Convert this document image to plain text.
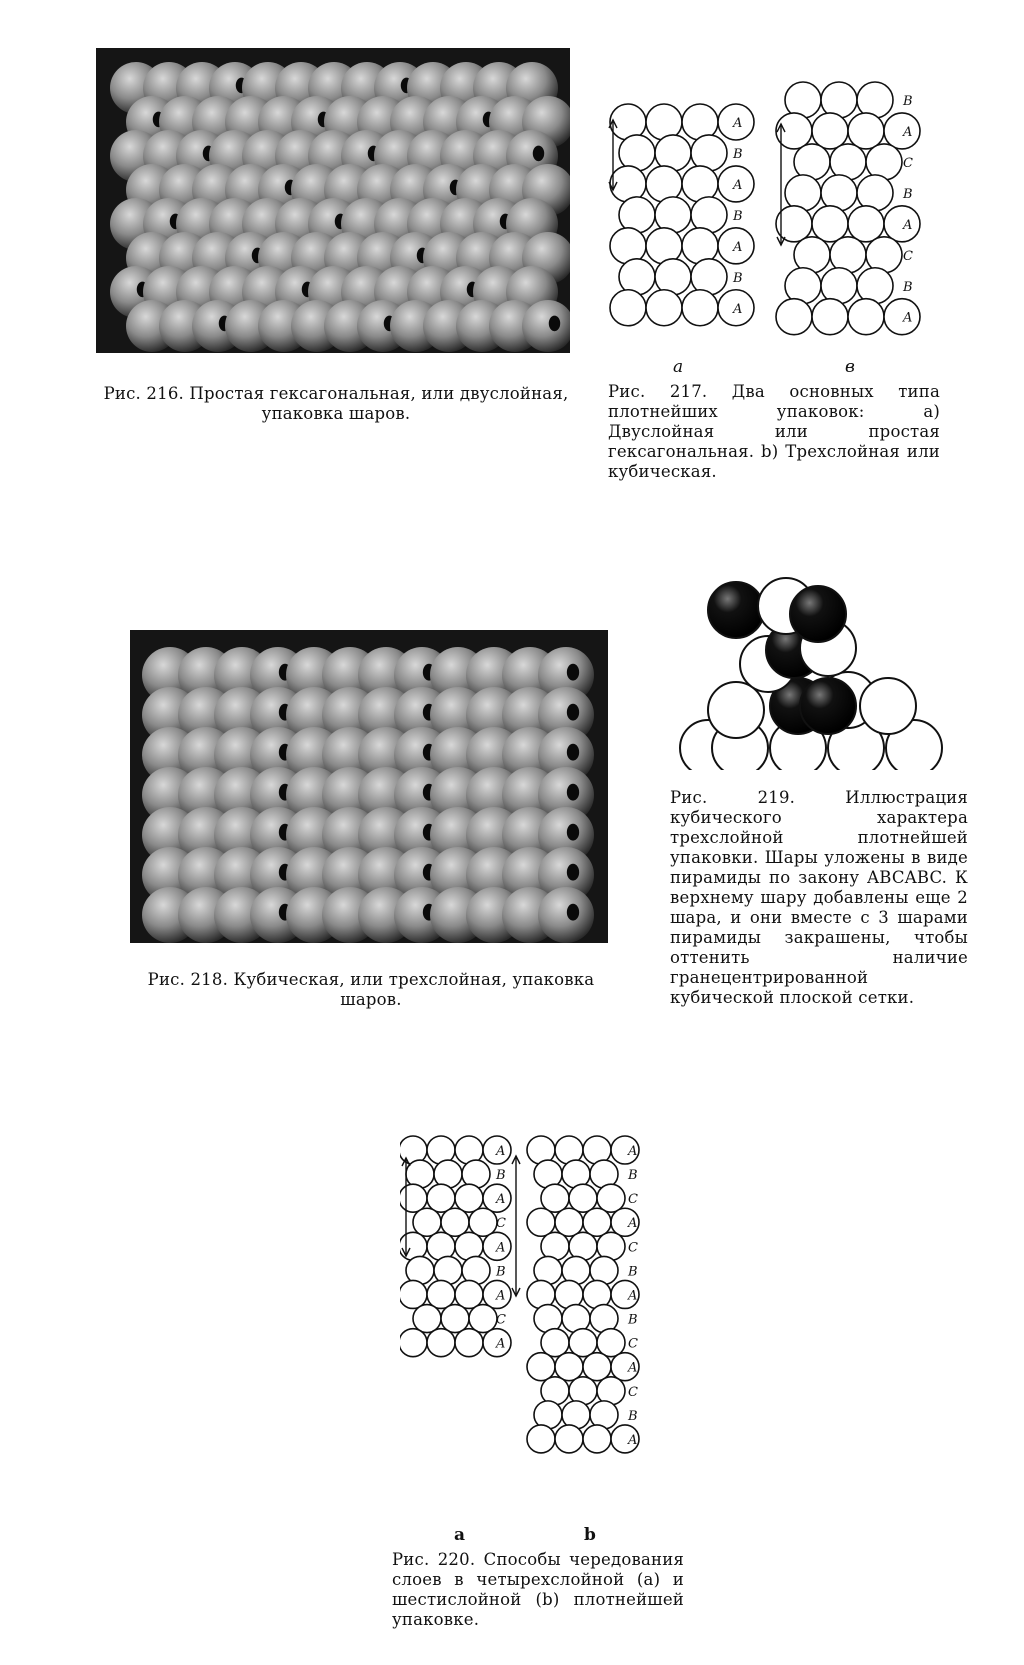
Рис. 216. Простая гексагональная, или двуслойная, упаковка шаров.
A
B
A
B
A
B
A
B
A
C
B
A
C
B
A
a	в
Рис. 217. Два основных типа плотнейших упаковок: a) Двуслойная или простая гексагональная. b) Трехслойная или кубическая.
Рис. 218. Кубическая, или трехслойная, упаковка шаров.
Рис. 219. Иллюстрация кубического характера трехслойной плотнейшей упаковки. Шары уложены в виде пирамиды по закону ABCABC. К верхнему шару добавлены еще 2 шара, и они вместе с 3 шарами пирамиды закрашены, чтобы оттенить наличие гранецентрированной кубической плоской сетки.
A
B
A
C
A
B
A
C
A
A
B
C
A
C
B
A
B
C
A
C
B
A
a	b
Рис. 220. Способы чередования слоев в четырехслойной (a) и шестислойной (b) плотнейшей упаковке.
